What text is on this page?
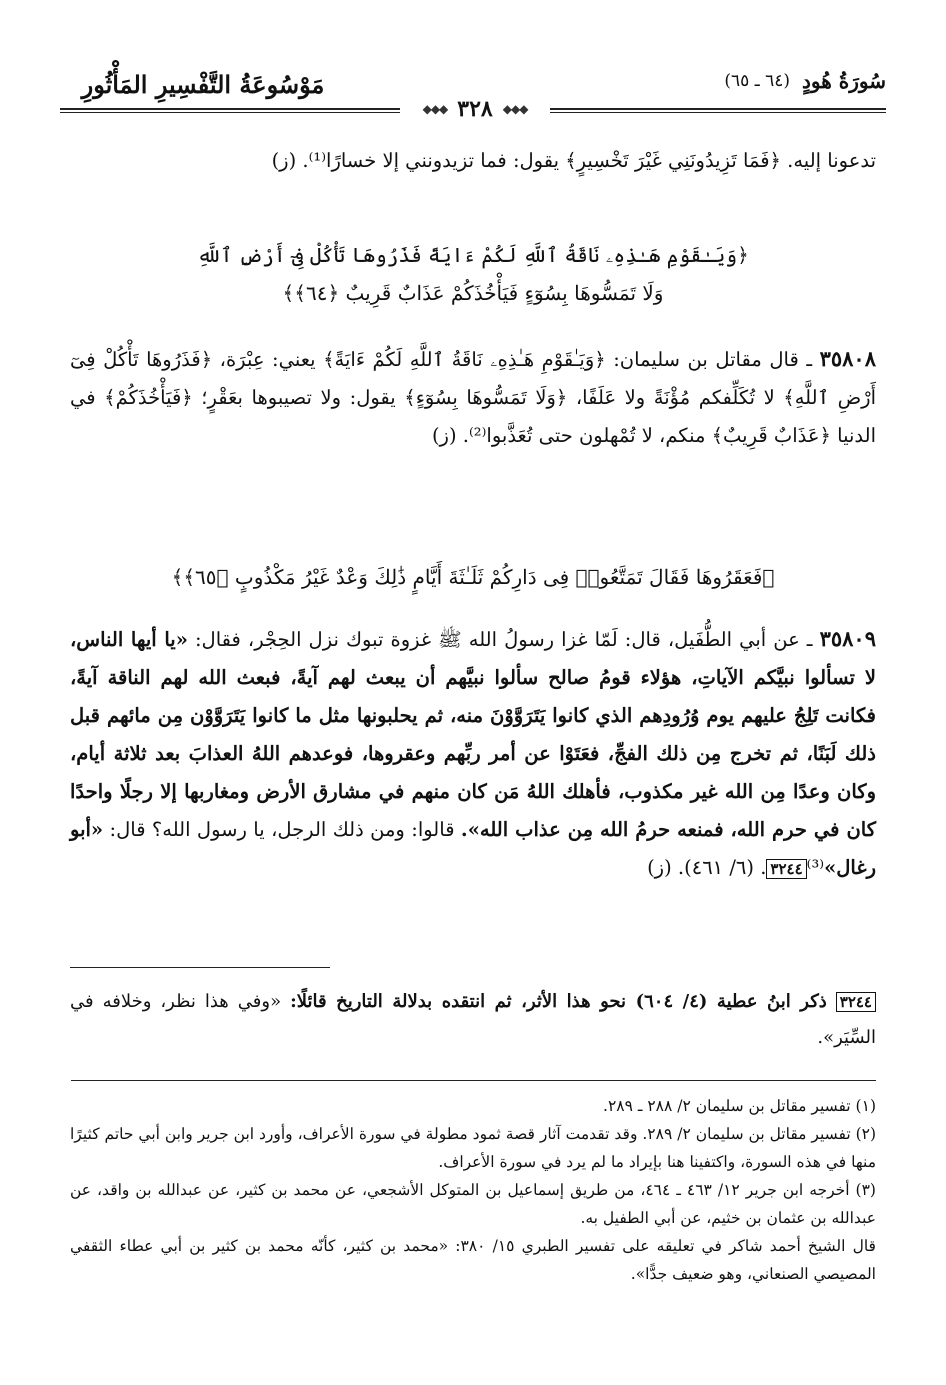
مَوْسُوعَةُ التَّفْسِيرِ المَأْثُورِ	سُورَةُ هُودٍ
(٦٤ ـ ٦٥)
◆◆◆
٣٢٨
◆◆◆
تدعونا إليه. ﴿فَمَا تَزِيدُونَنِي غَيْرَ تَخْسِيرٍ﴾ يقول: فما تزيدونني إلا خسارًا⁽¹⁾. (ز)
﴿وَيَـٰقَوْمِ هَـٰذِهِۦ نَاقَةُ ٱللَّهِ لَكُمْ ءَايَةً فَذَرُوهَا تَأْكُلْ فِىٓ أَرْضِ ٱللَّهِ
وَلَا تَمَسُّوهَا بِسُوٓءٍ فَيَأْخُذَكُمْ عَذَابٌ قَرِيبٌ ﴿٦٤﴾﴾
٣٥٨٠٨ ـ قال مقاتل بن سليمان: ﴿وَيَـٰقَوْمِ هَـٰذِهِۦ نَاقَةُ ٱللَّهِ لَكُمْ ءَايَةً﴾ يعني: عِبْرَة، ﴿فَذَرُوهَا تَأْكُلْ فِىٓ أَرْضِ ٱللَّهِ﴾ لا تُكَلِّفكم مُؤْنَةً ولا عَلَفًا، ﴿وَلَا تَمَسُّوهَا بِسُوٓءٍ﴾ يقول: ولا تصيبوها بعَقْرٍ؛ ﴿فَيَأْخُذَكُمْ﴾ في الدنيا ﴿عَذَابٌ قَرِيبٌ﴾ منكم، لا تُمْهلون حتى تُعَذَّبوا⁽²⁾. (ز)
﴿فَعَقَرُوهَا فَقَالَ تَمَتَّعُوا۟ فِى دَارِكُمْ ثَلَـٰثَةَ أَيَّامٍ ذَٰلِكَ وَعْدٌ غَيْرُ مَكْذُوبٍ ﴿٦٥﴾﴾
٣٥٨٠٩ ـ عن أبي الطُّفَيل، قال: لَمّا غزا رسولُ الله ﷺ غزوة تبوك نزل الحِجْر، فقال: «يا أيها الناس، لا تسألوا نبيَّكم الآياتِ، هؤلاء قومُ صالح سألوا نبيَّهم أن يبعث لهم آيةً، فبعث الله لهم الناقة آيةً، فكانت تَلِجُ عليهم يوم وُرُودِهم الذي كانوا يَتَرَوَّوْنَ منه، ثم يحلبونها مثل ما كانوا يَتَرَوَّوْن مِن مائهم قبل ذلك لَبَنًا، ثم تخرج مِن ذلك الفجِّ، فعَتَوْا عن أمر ربِّهم وعقروها، فوعدهم اللهُ العذابَ بعد ثلاثة أيام، وكان وعدًا مِن الله غير مكذوب، فأهلك اللهُ مَن كان منهم في مشارق الأرض ومغاربها إلا رجلًا واحدًا كان في حرم الله، فمنعه حرمُ الله مِن عذاب الله». قالوا: ومن ذلك الرجل، يا رسول الله؟ قال: «أبو رغال»⁽³⁾٣٢٤٤. (٦/ ٤٦١). (ز)
٣٢٤٤ ذكر ابنُ عطية (٤/ ٦٠٤) نحو هذا الأثر، ثم انتقده بدلالة التاريخ قائلًا: «وفي هذا نظر، وخلافه في السِّيَر».
(١) تفسير مقاتل بن سليمان ٢/ ٢٨٨ ـ ٢٨٩.
(٢) تفسير مقاتل بن سليمان ٢/ ٢٨٩. وقد تقدمت آثار قصة ثمود مطولة في سورة الأعراف، وأورد ابن جرير وابن أبي حاتم كثيرًا منها في هذه السورة، واكتفينا هنا بإيراد ما لم يرد في سورة الأعراف.
(٣) أخرجه ابن جرير ١٢/ ٤٦٣ ـ ٤٦٤، من طريق إسماعيل بن المتوكل الأشجعي، عن محمد بن كثير، عن عبدالله بن واقد، عن عبدالله بن عثمان بن خثيم، عن أبي الطفيل به.
قال الشيخ أحمد شاكر في تعليقه على تفسير الطبري ١٥/ ٣٨٠: «محمد بن كثير، كأنّه محمد بن كثير بن أبي عطاء الثقفي المصيصي الصنعاني، وهو ضعيف جدًّا».
